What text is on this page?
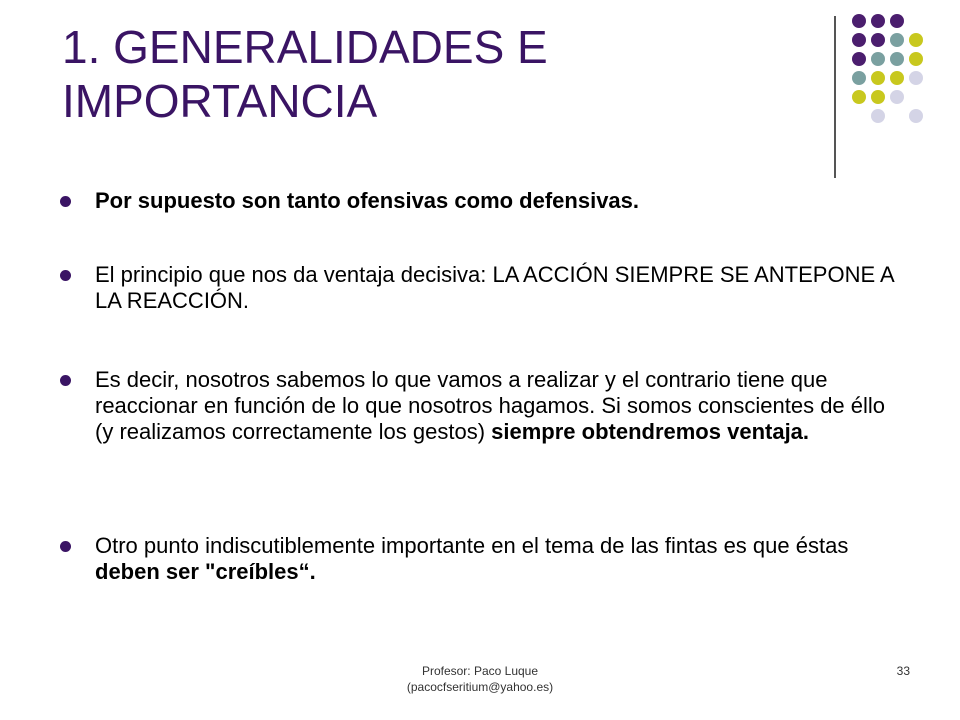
1. GENERALIDADES E IMPORTANCIA
Por supuesto son tanto ofensivas como defensivas.
El principio que nos da ventaja decisiva: LA ACCIÓN SIEMPRE SE ANTEPONE A LA REACCIÓN.
Es decir, nosotros sabemos lo que vamos a realizar y el contrario tiene que reaccionar en función de lo que nosotros hagamos. Si somos conscientes de éllo (y realizamos correctamente los gestos) siempre obtendremos ventaja.
Otro punto indiscutiblemente importante en el tema de las fintas es que éstas deben ser "creíbles“.
Profesor: Paco Luque
(pacocfseritium@yahoo.es)
33
